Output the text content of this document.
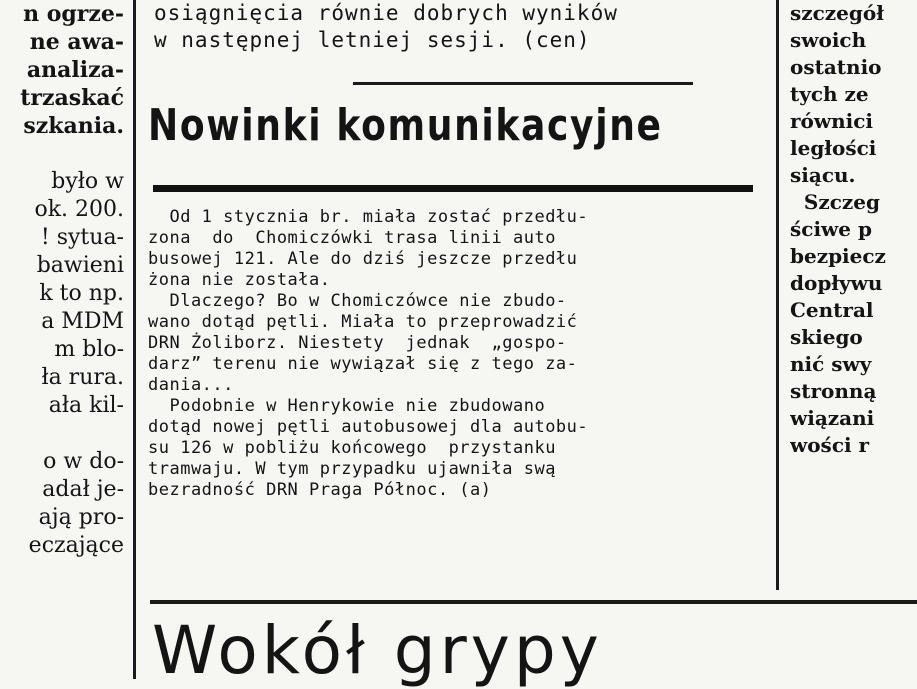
n ogrze-
ne awa-
analiza-
trzaskać
szkania.

było w
ok. 200.
! sytua-
bawieni
k to np.
a MDM
m blo-
ła rura.
ała kil-

o w do-
adał je-
ają pro-
eczające
osiągnięcia równie dobrych wyników
w następnej letniej sesji. (cen)
Nowinki komunikacyjne
Od 1 stycznia br. miała zostać przedłu-
zona  do  Chomiczówki trasa linii auto
busowej 121. Ale do dziś jeszcze przedłu
żona nie została.
Dlaczego? Bo w Chomiczówce nie zbudo-
wano dotąd pętli. Miała to przeprowadzić
DRN Żoliborz. Niestety  jednak  „gospo-
darz” terenu nie wywiązał się z tego za-
dania...
Podobnie w Henrykowie nie zbudowano
dotąd nowej pętli autobusowej dla autobu-
su 126 w pobliżu końcowego  przystanku
tramwaju. W tym przypadku ujawniła swą
bezradność DRN Praga Północ. (a)
szczegół
swoich
ostatnio
tych ze
równici
ległości
siącu.
Szczeg
ściwe p
bezpiecz
dopływu
Central
skiego
nić swy
stronną
wiązani
wości r
Wokół grypy
